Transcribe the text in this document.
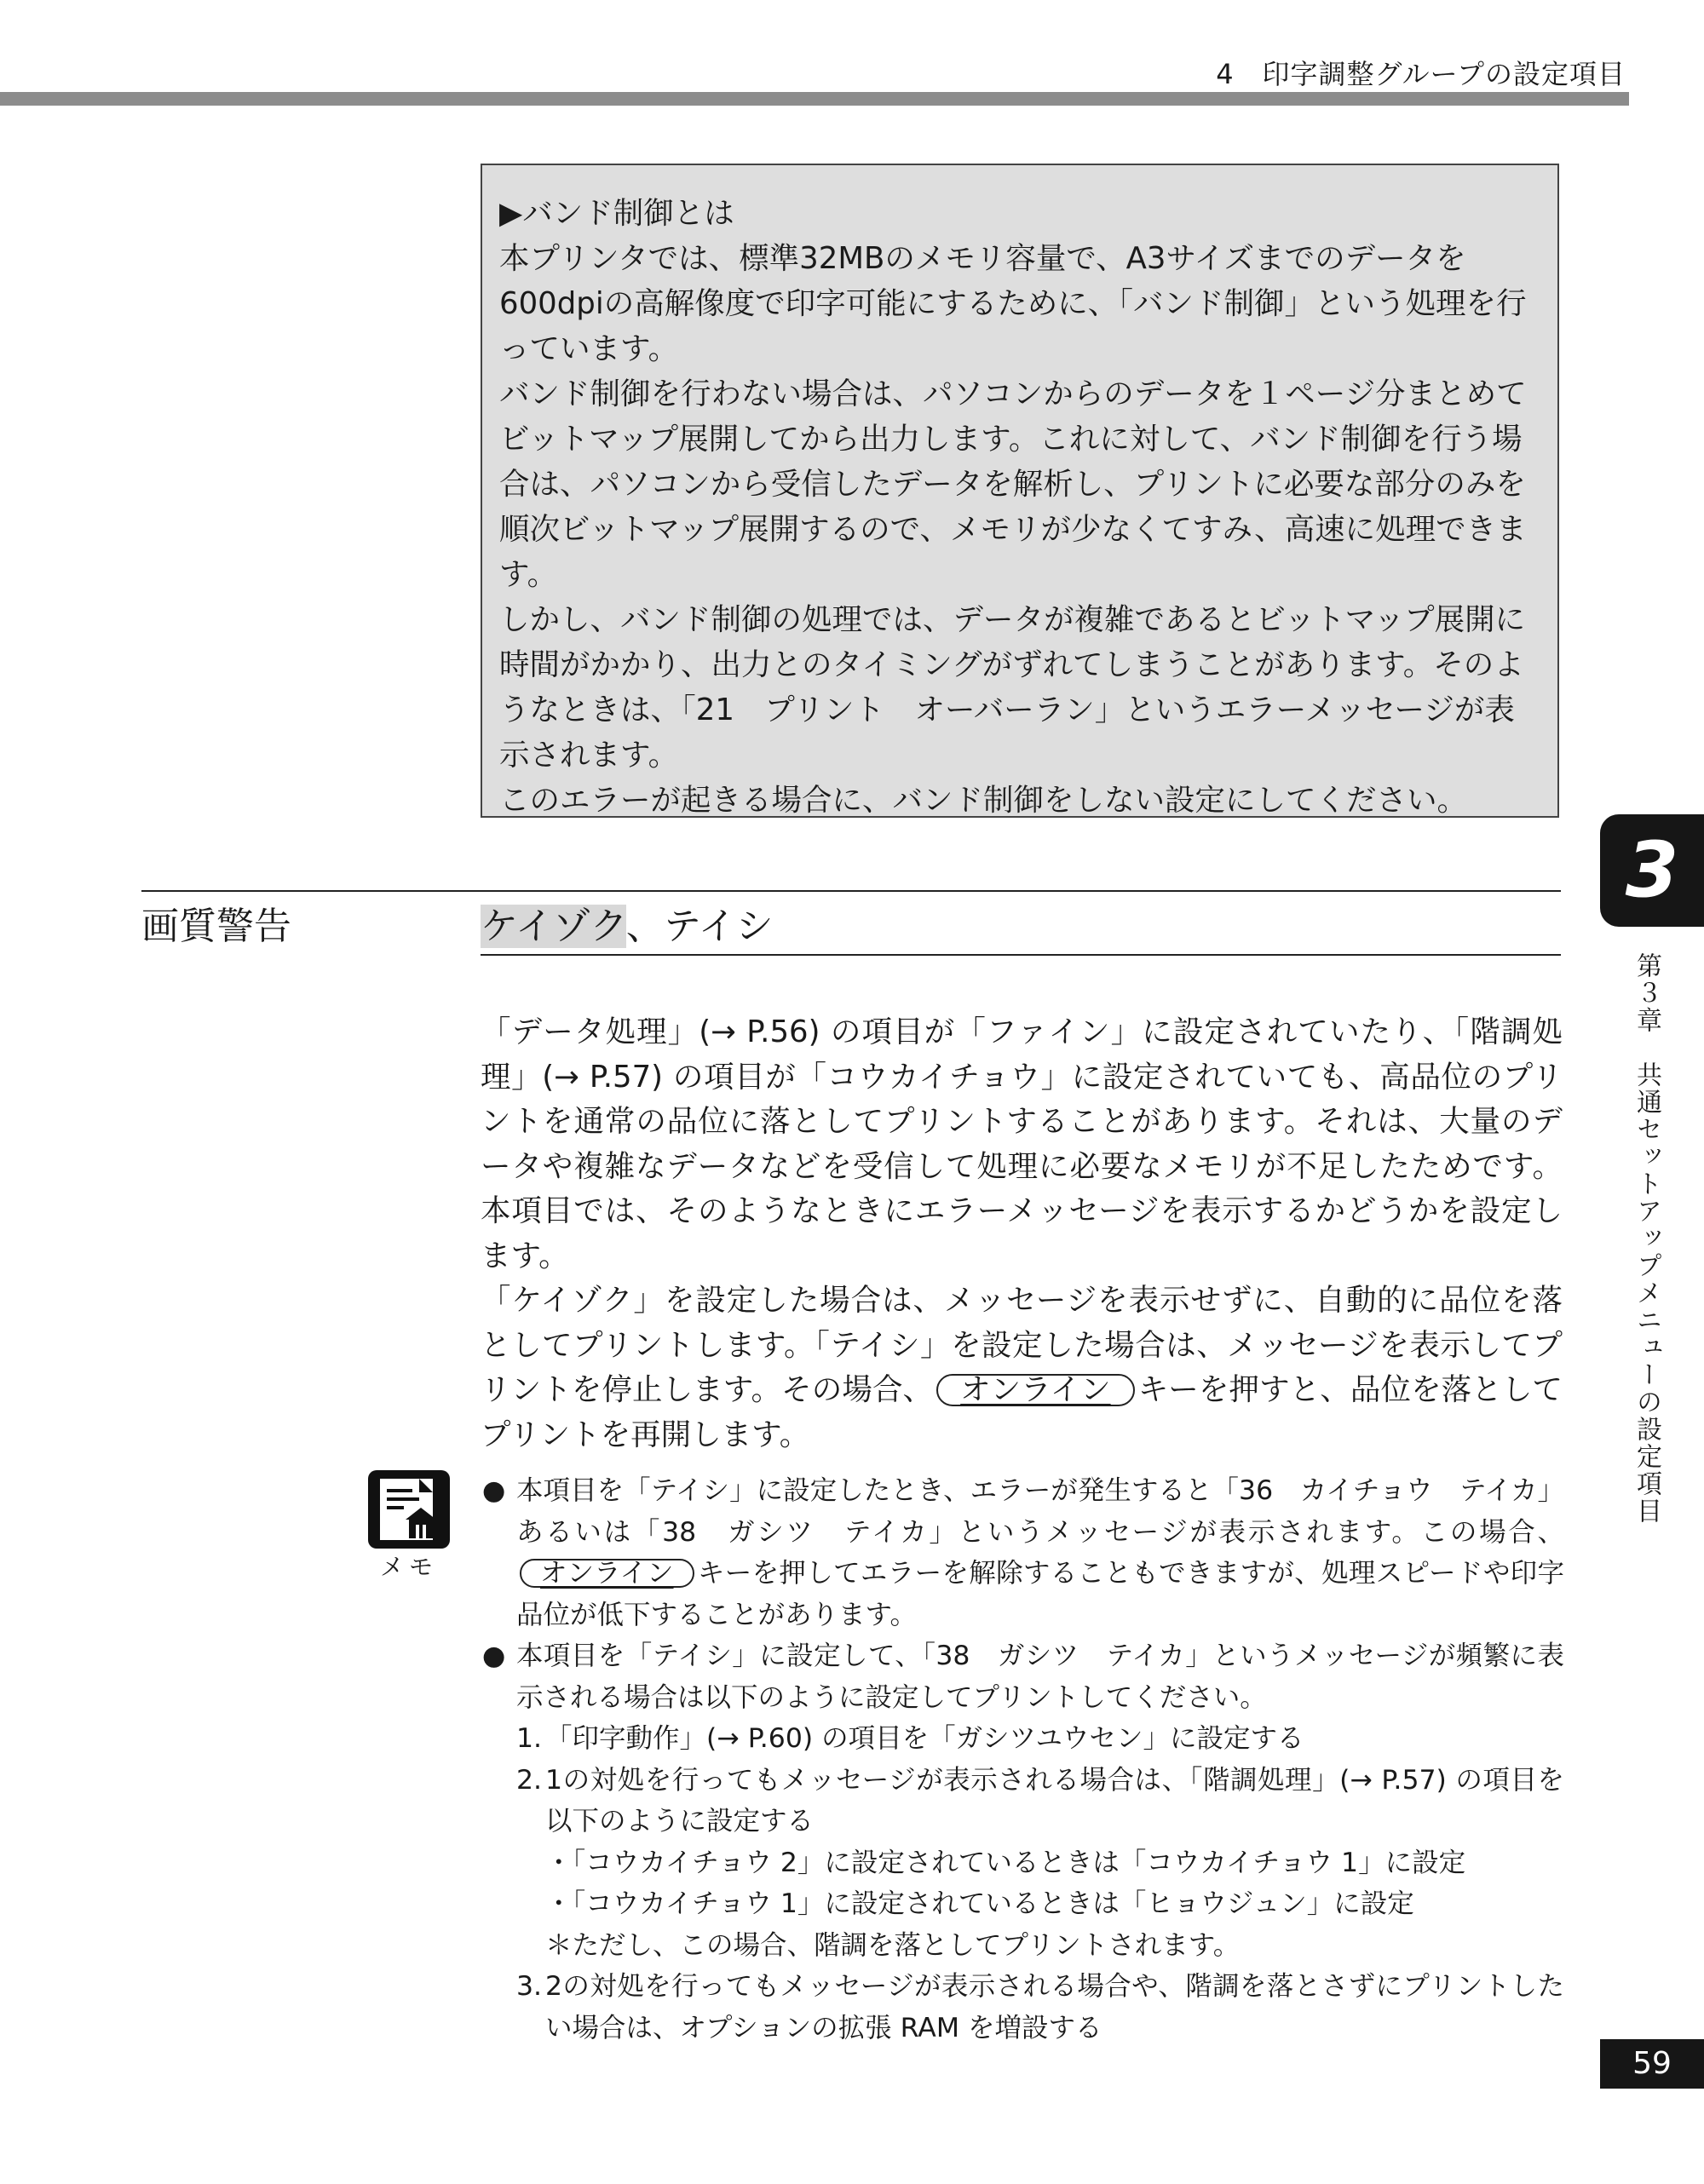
4　印字調整グループの設定項目

▶バンド制御とは

本プリンタでは、標準32MBのメモリ容量で、A3サイズまでのデータを600dpiの高解像度で印字可能にするために、「バンド制御」という処理を行っています。

バンド制御を行わない場合は、パソコンからのデータを１ページ分まとめてビットマップ展開してから出力します。これに対して、バンド制御を行う場合は、パソコンから受信したデータを解析し、プリントに必要な部分のみを順次ビットマップ展開するので、メモリが少なくてすみ、高速に処理できます。

しかし、バンド制御の処理では、データが複雑であるとビットマップ展開に時間がかかり、出力とのタイミングがずれてしまうことがあります。そのようなときは、「21　プリント　オーバーラン」というエラーメッセージが表示されます。

このエラーが起きる場合に、バンド制御をしない設定にしてください。

3
第３章　共通セットアップメニューの設定項目
画質警告	ケイゾク、テイシ

「データ処理」(→ P.56) の項目が「ファイン」に設定されていたり、「階調処理」(→ P.57) の項目が「コウカイチョウ」に設定されていても、高品位のプリントを通常の品位に落としてプリントすることがあります。それは、大量のデータや複雑なデータなどを受信して処理に必要なメモリが不足したためです。本項目では、そのようなときにエラーメッセージを表示するかどうかを設定します。

「ケイゾク」を設定した場合は、メッセージを表示せずに、自動的に品位を落としてプリントします。「テイシ」を設定した場合は、メッセージを表示してプリントを停止します。その場合、 オンライン キーを押すと、品位を落としてプリントを再開します。

メモ
● 本項目を「テイシ」に設定したとき、エラーが発生すると「36　カイチョウ　テイカ」あるいは「38　ガシツ　テイカ」というメッセージが表示されます。この場合、オンライン キーを押してエラーを解除することもできますが、処理スピードや印字品位が低下することがあります。
● 本項目を「テイシ」に設定して、「38　ガシツ　テイカ」というメッセージが頻繁に表示される場合は以下のように設定してプリントしてください。
1. 「印字動作」(→ P.60) の項目を「ガシツユウセン」に設定する
2. 1の対処を行ってもメッセージが表示される場合は、「階調処理」(→ P.57) の項目を以下のように設定する
・「コウカイチョウ 2」に設定されているときは「コウカイチョウ 1」に設定
・「コウカイチョウ 1」に設定されているときは「ヒョウジュン」に設定
＊ただし、この場合、階調を落としてプリントされます。
3. 2の対処を行ってもメッセージが表示される場合や、階調を落とさずにプリントしたい場合は、オプションの拡張 RAM を増設する
59
